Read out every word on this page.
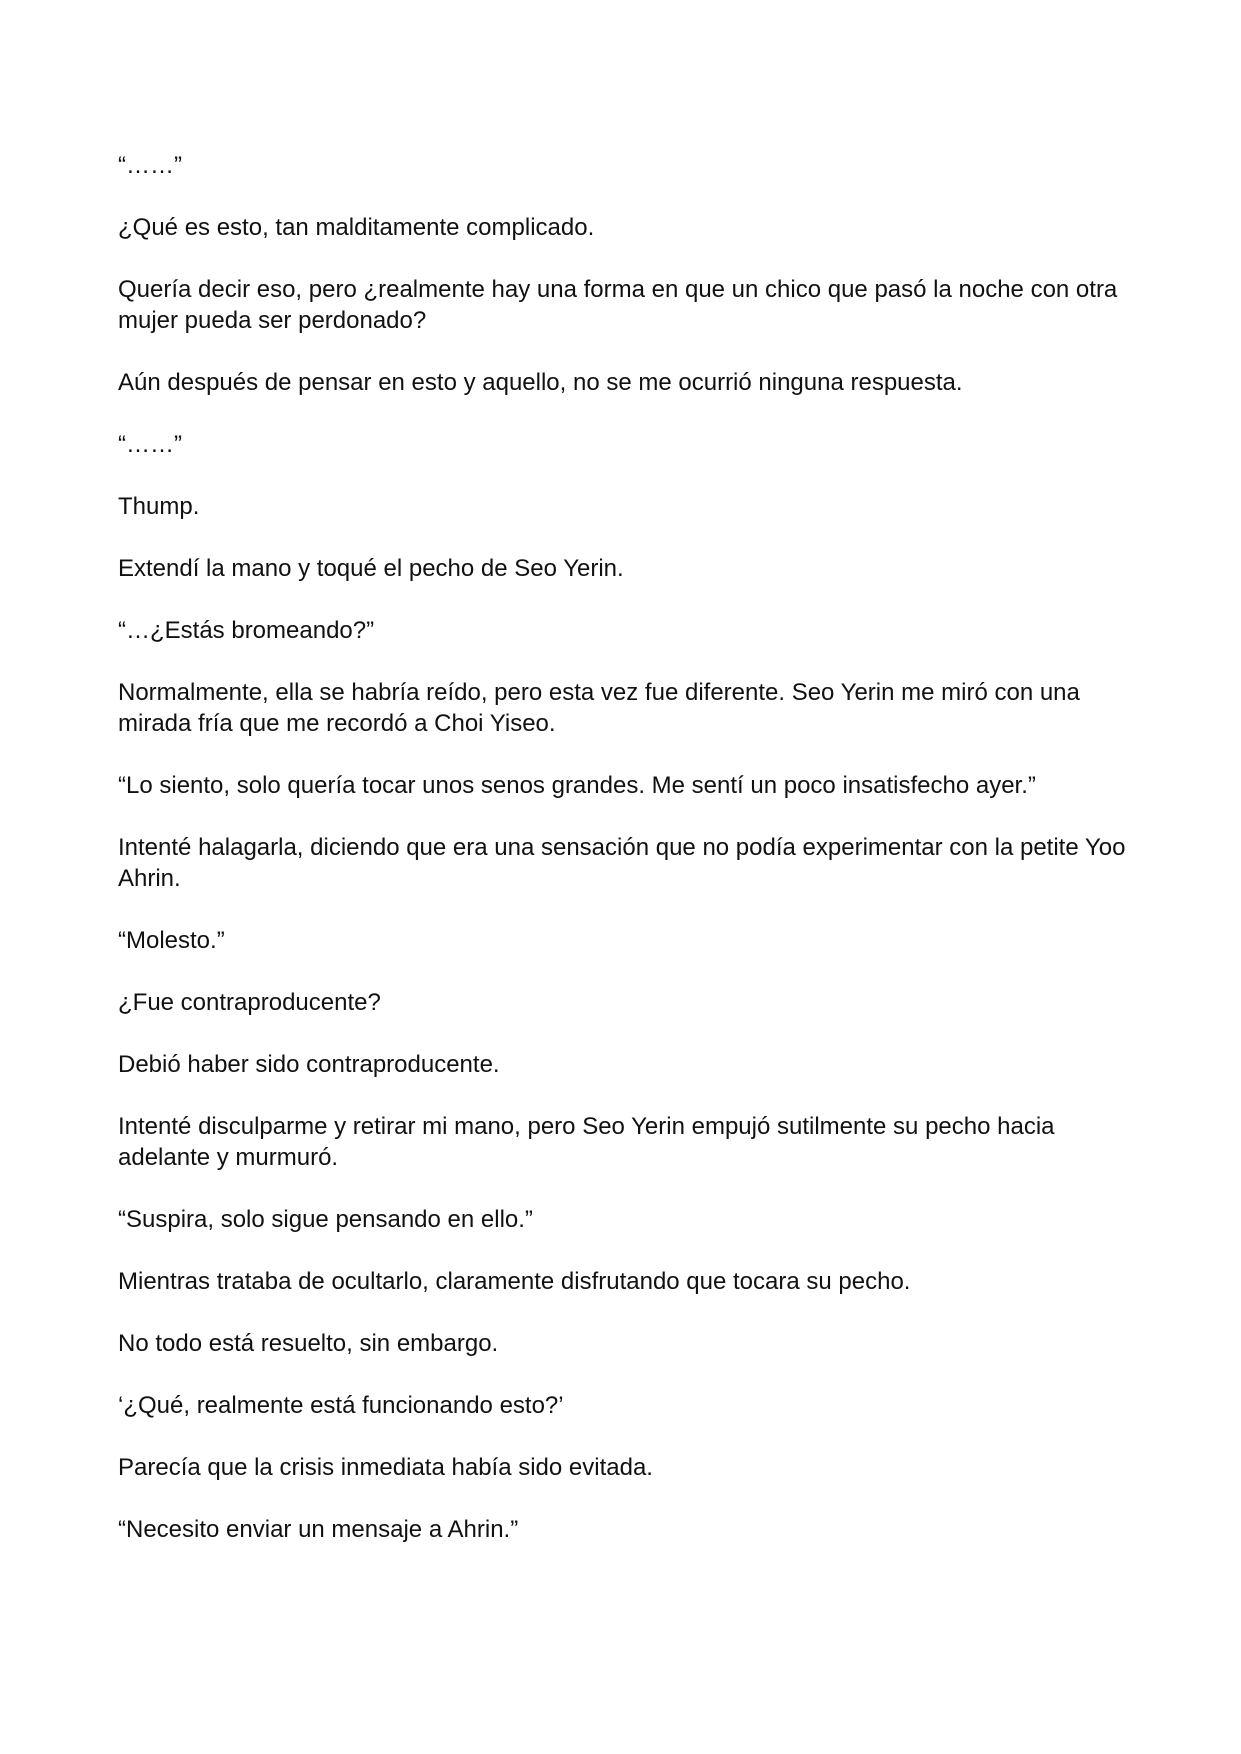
“……”

¿Qué es esto, tan malditamente complicado.

Quería decir eso, pero ¿realmente hay una forma en que un chico que pasó la noche con otra mujer pueda ser perdonado?

Aún después de pensar en esto y aquello, no se me ocurrió ninguna respuesta.

“……”

Thump.

Extendí la mano y toqué el pecho de Seo Yerin.

“…¿Estás bromeando?”

Normalmente, ella se habría reído, pero esta vez fue diferente. Seo Yerin me miró con una mirada fría que me recordó a Choi Yiseo.

“Lo siento, solo quería tocar unos senos grandes. Me sentí un poco insatisfecho ayer.”

Intenté halagarla, diciendo que era una sensación que no podía experimentar con la petite Yoo Ahrin.

“Molesto.”

¿Fue contraproducente?

Debió haber sido contraproducente.

Intenté disculparme y retirar mi mano, pero Seo Yerin empujó sutilmente su pecho hacia adelante y murmuró.

“Suspira, solo sigue pensando en ello.”

Mientras trataba de ocultarlo, claramente disfrutando que tocara su pecho.

No todo está resuelto, sin embargo.

‘¿Qué, realmente está funcionando esto?’

Parecía que la crisis inmediata había sido evitada.

“Necesito enviar un mensaje a Ahrin.”
